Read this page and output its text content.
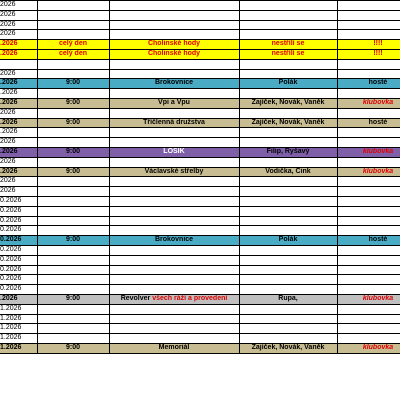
2026				
2026				
2026				
2026				
.2026	celý den	Cholinské hody	nestřílí se	!!!!
.2026	celý den	Cholinské hody	nestřílí se	!!!!

2026				
.2026	9:00	Brokovnice	Polák	hosté
.2026				
.2026	9:00	Vpi a Vpu	Zajíček, Novák, Vaněk	klubovka
2026				
.2026	9:00	Tříčlenná družstva	Zajíček, Novák, Vaněk	hosté
.2026				
2026				
.2026	9:00	LOSÍK	Filip, Ryšavý	klubovka
2026				
.2026	9:00	Václavské střelby	Vodička, Cink	klubovka
2026				
2026				
0.2026				
0.2026				
0.2026				
0.2026				
0.2026	9:00	Brokovnice	Polák	hosté
0.2026				
0.2026				
0.2026				
0.2026				
0.2026				
.2026	9:00	Revolver všech ráží a provedení	Rupa,	klubovka
1.2026				
1.2026				
1.2026				
1.2026				
1.2026	9:00	Memoriál	Zajíček, Novák, Vaněk	klubovka
